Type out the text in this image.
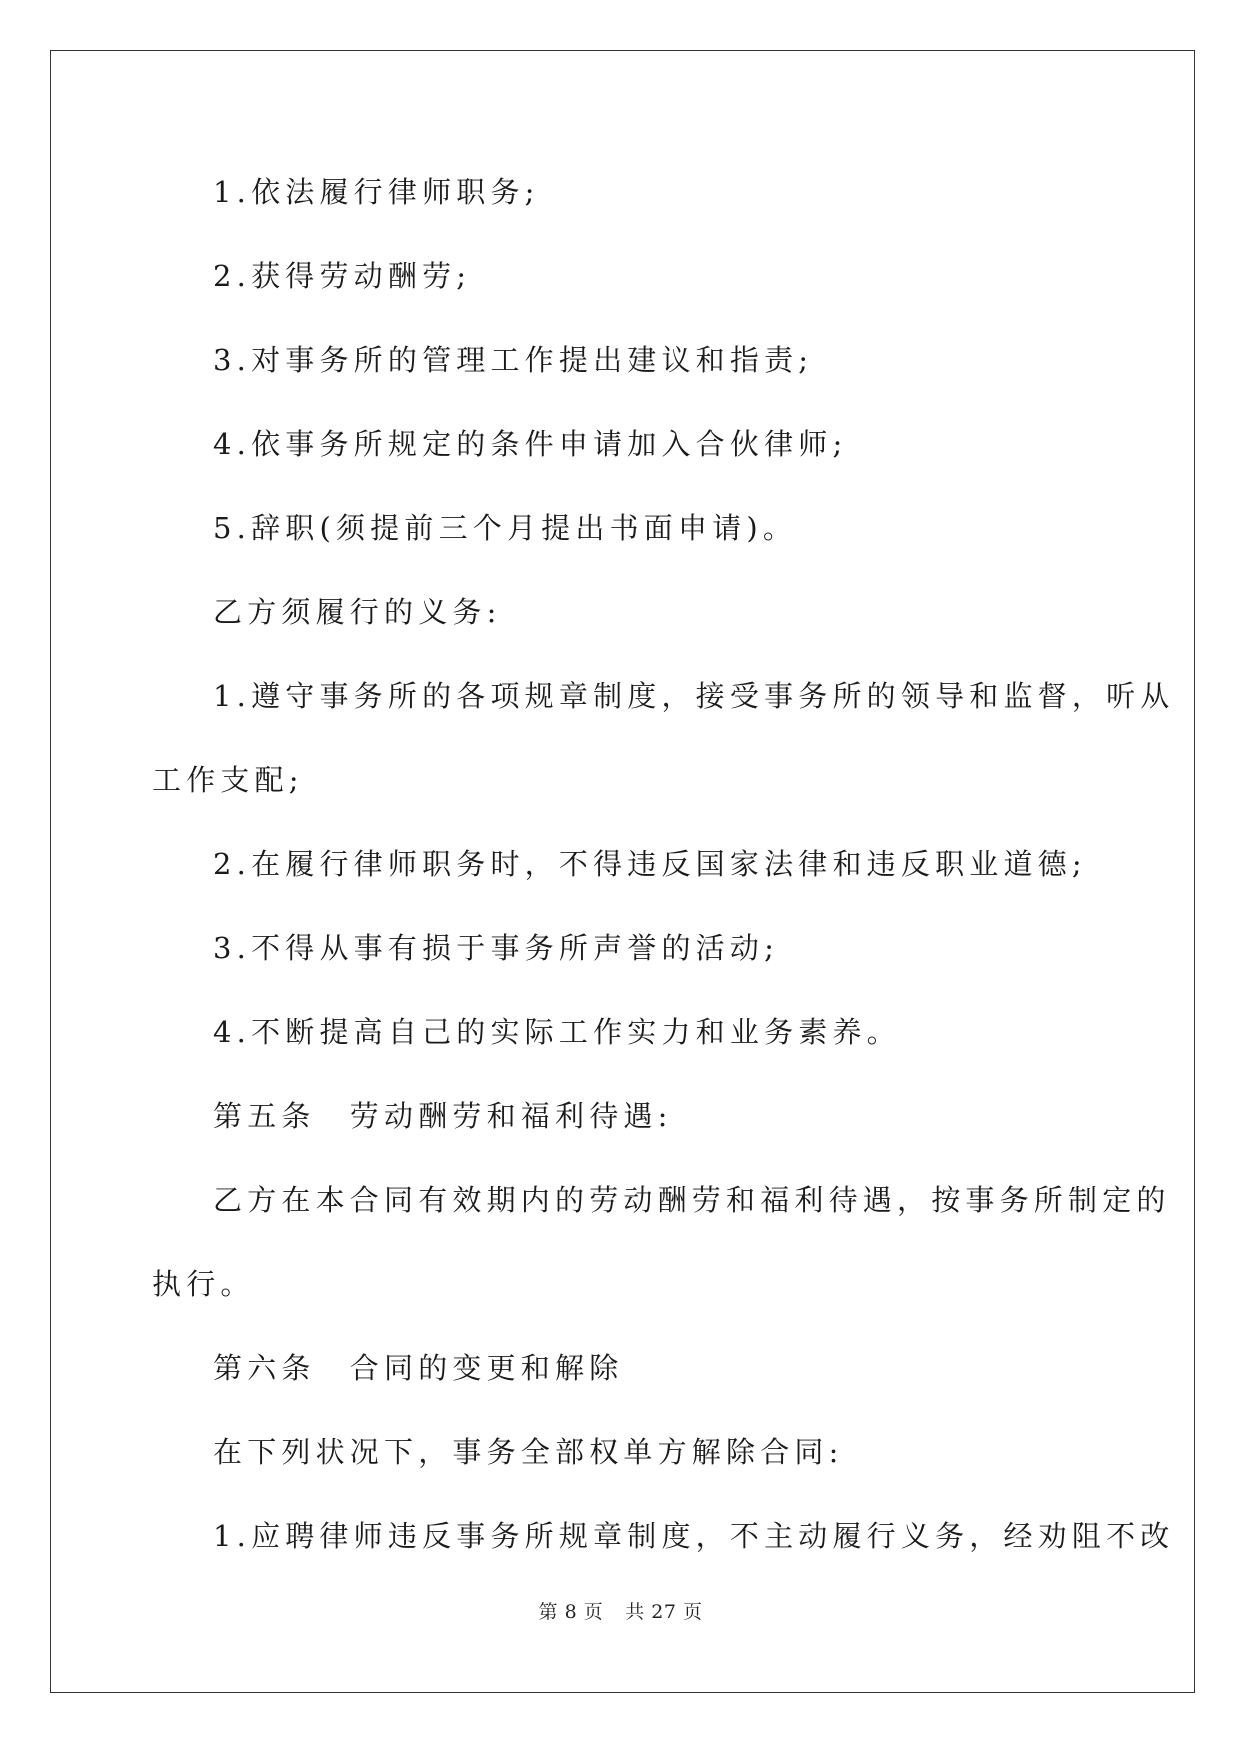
1.依法履行律师职务;

2.获得劳动酬劳;

3.对事务所的管理工作提出建议和指责;

4.依事务所规定的条件申请加入合伙律师;

5.辞职(须提前三个月提出书面申请)。

乙方须履行的义务:

1.遵守事务所的各项规章制度，接受事务所的领导和监督，听从

工作支配;

2.在履行律师职务时，不得违反国家法律和违反职业道德;

3.不得从事有损于事务所声誉的活动;

4.不断提高自己的实际工作实力和业务素养。

第五条　劳动酬劳和福利待遇:

乙方在本合同有效期内的劳动酬劳和福利待遇，按事务所制定的

执行。

第六条　合同的变更和解除

在下列状况下，事务全部权单方解除合同:

1.应聘律师违反事务所规章制度，不主动履行义务，经劝阻不改

第 8 页 共 27 页
